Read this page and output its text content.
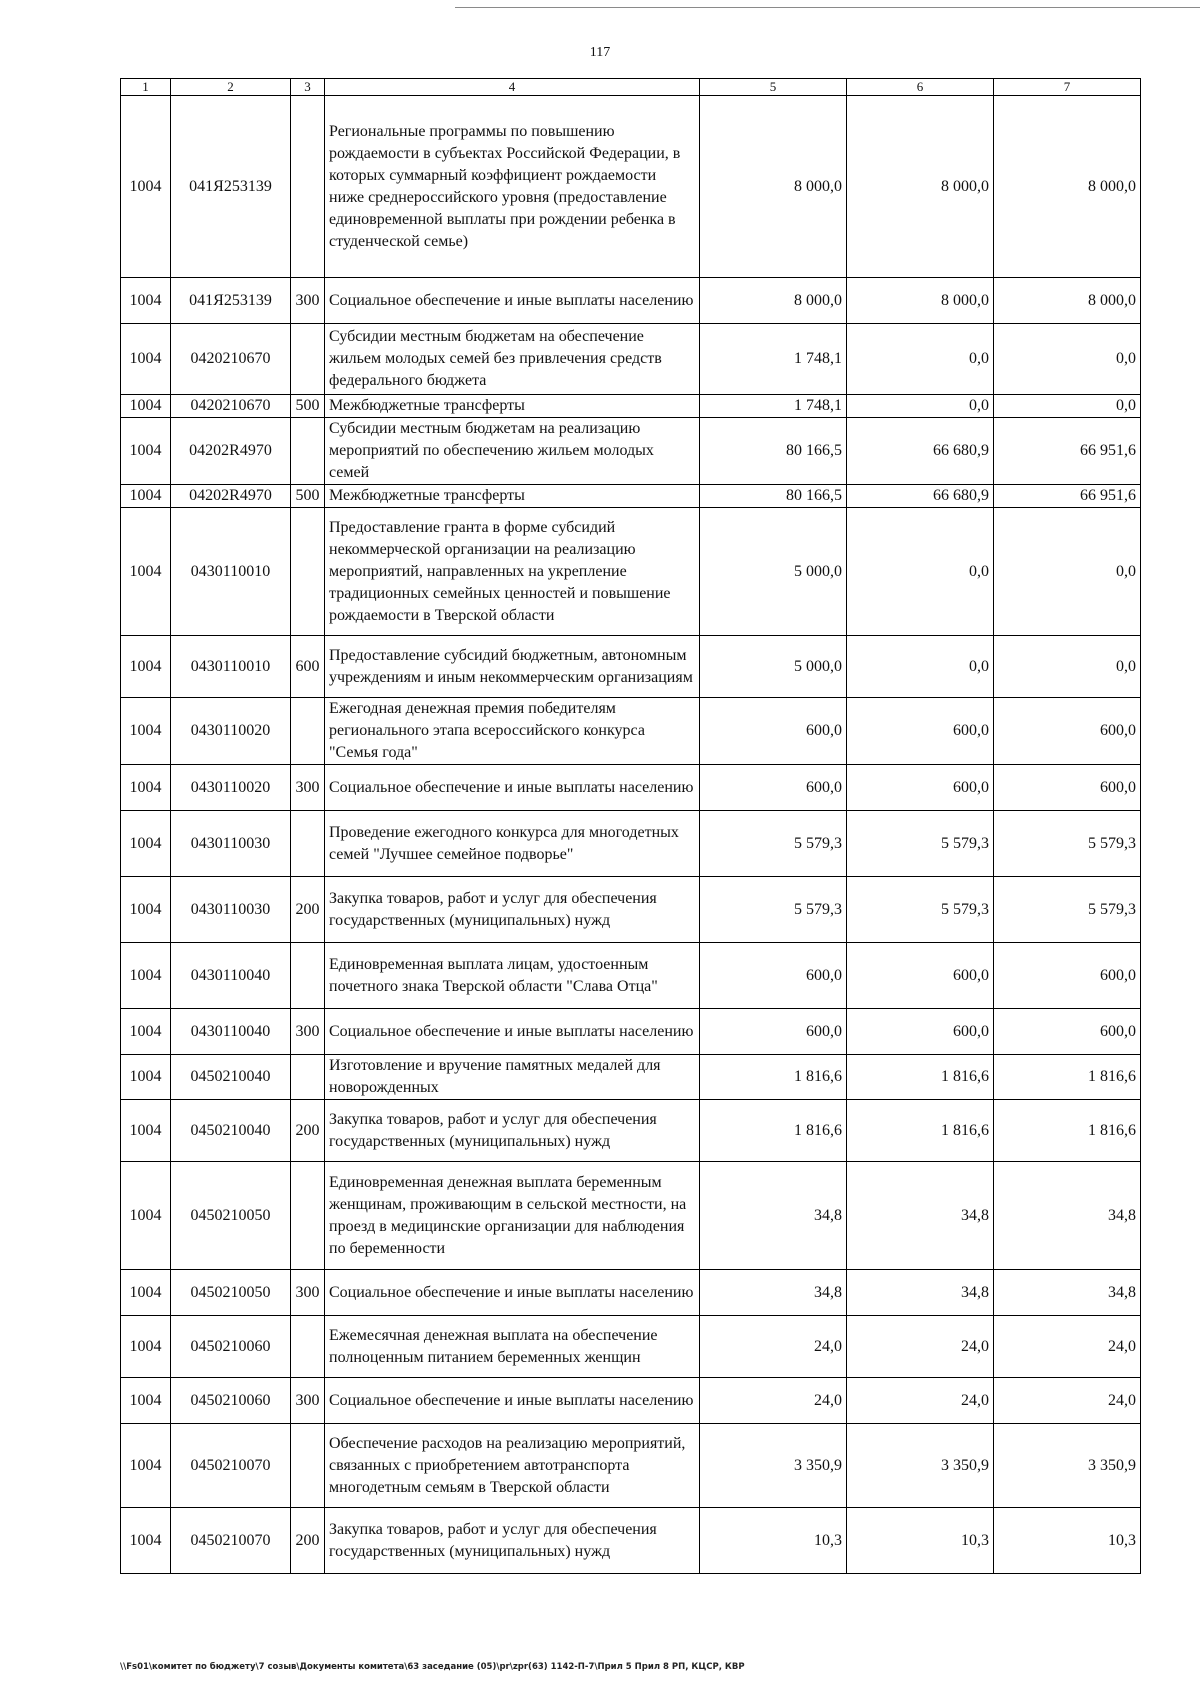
117
1	2	3	4	5	6	7
1004	041Я253139		Региональные программы по повышению рождаемости в субъектах Российской Федерации, в которых суммарный коэффициент рождаемости ниже среднероссийского уровня (предоставление единовременной выплаты при рождении ребенка в студенческой семье)	8 000,0	8 000,0	8 000,0
1004	041Я253139	300	Социальное обеспечение и иные выплаты населению	8 000,0	8 000,0	8 000,0
1004	0420210670		Субсидии местным бюджетам на обеспечение жильем молодых семей без привлечения средств федерального бюджета	1 748,1	0,0	0,0
1004	0420210670	500	Межбюджетные трансферты	1 748,1	0,0	0,0
1004	04202R4970		Субсидии местным бюджетам на реализацию мероприятий по обеспечению жильем молодых семей	80 166,5	66 680,9	66 951,6
1004	04202R4970	500	Межбюджетные трансферты	80 166,5	66 680,9	66 951,6
1004	0430110010		Предоставление гранта в форме субсидий некоммерческой организации на реализацию мероприятий, направленных на укрепление традиционных семейных ценностей и повышение рождаемости в Тверской области	5 000,0	0,0	0,0
1004	0430110010	600	Предоставление субсидий бюджетным, автономным учреждениям и иным некоммерческим организациям	5 000,0	0,0	0,0
1004	0430110020		Ежегодная денежная премия победителям регионального этапа всероссийского конкурса "Семья года"	600,0	600,0	600,0
1004	0430110020	300	Социальное обеспечение и иные выплаты населению	600,0	600,0	600,0
1004	0430110030		Проведение ежегодного конкурса для многодетных семей "Лучшее семейное подворье"	5 579,3	5 579,3	5 579,3
1004	0430110030	200	Закупка товаров, работ и услуг для обеспечения государственных (муниципальных) нужд	5 579,3	5 579,3	5 579,3
1004	0430110040		Единовременная выплата лицам, удостоенным почетного знака Тверской области "Слава Отца"	600,0	600,0	600,0
1004	0430110040	300	Социальное обеспечение и иные выплаты населению	600,0	600,0	600,0
1004	0450210040		Изготовление и вручение памятных медалей для новорожденных	1 816,6	1 816,6	1 816,6
1004	0450210040	200	Закупка товаров, работ и услуг для обеспечения государственных (муниципальных) нужд	1 816,6	1 816,6	1 816,6
1004	0450210050		Единовременная денежная выплата беременным женщинам, проживающим в сельской местности, на проезд в медицинские организации для наблюдения по беременности	34,8	34,8	34,8
1004	0450210050	300	Социальное обеспечение и иные выплаты населению	34,8	34,8	34,8
1004	0450210060		Ежемесячная денежная выплата на обеспечение полноценным питанием беременных женщин	24,0	24,0	24,0
1004	0450210060	300	Социальное обеспечение и иные выплаты населению	24,0	24,0	24,0
1004	0450210070		Обеспечение расходов на реализацию мероприятий, связанных с приобретением автотранспорта многодетным семьям в Тверской области	3 350,9	3 350,9	3 350,9
1004	0450210070	200	Закупка товаров, работ и услуг для обеспечения государственных (муниципальных) нужд	10,3	10,3	10,3
\\Fs01\комитет по бюджету\7 созыв\Документы комитета\63 заседание (05)\pr\zpr(63) 1142-П-7\Прил 5 Прил 8 РП, КЦСР, КВР
